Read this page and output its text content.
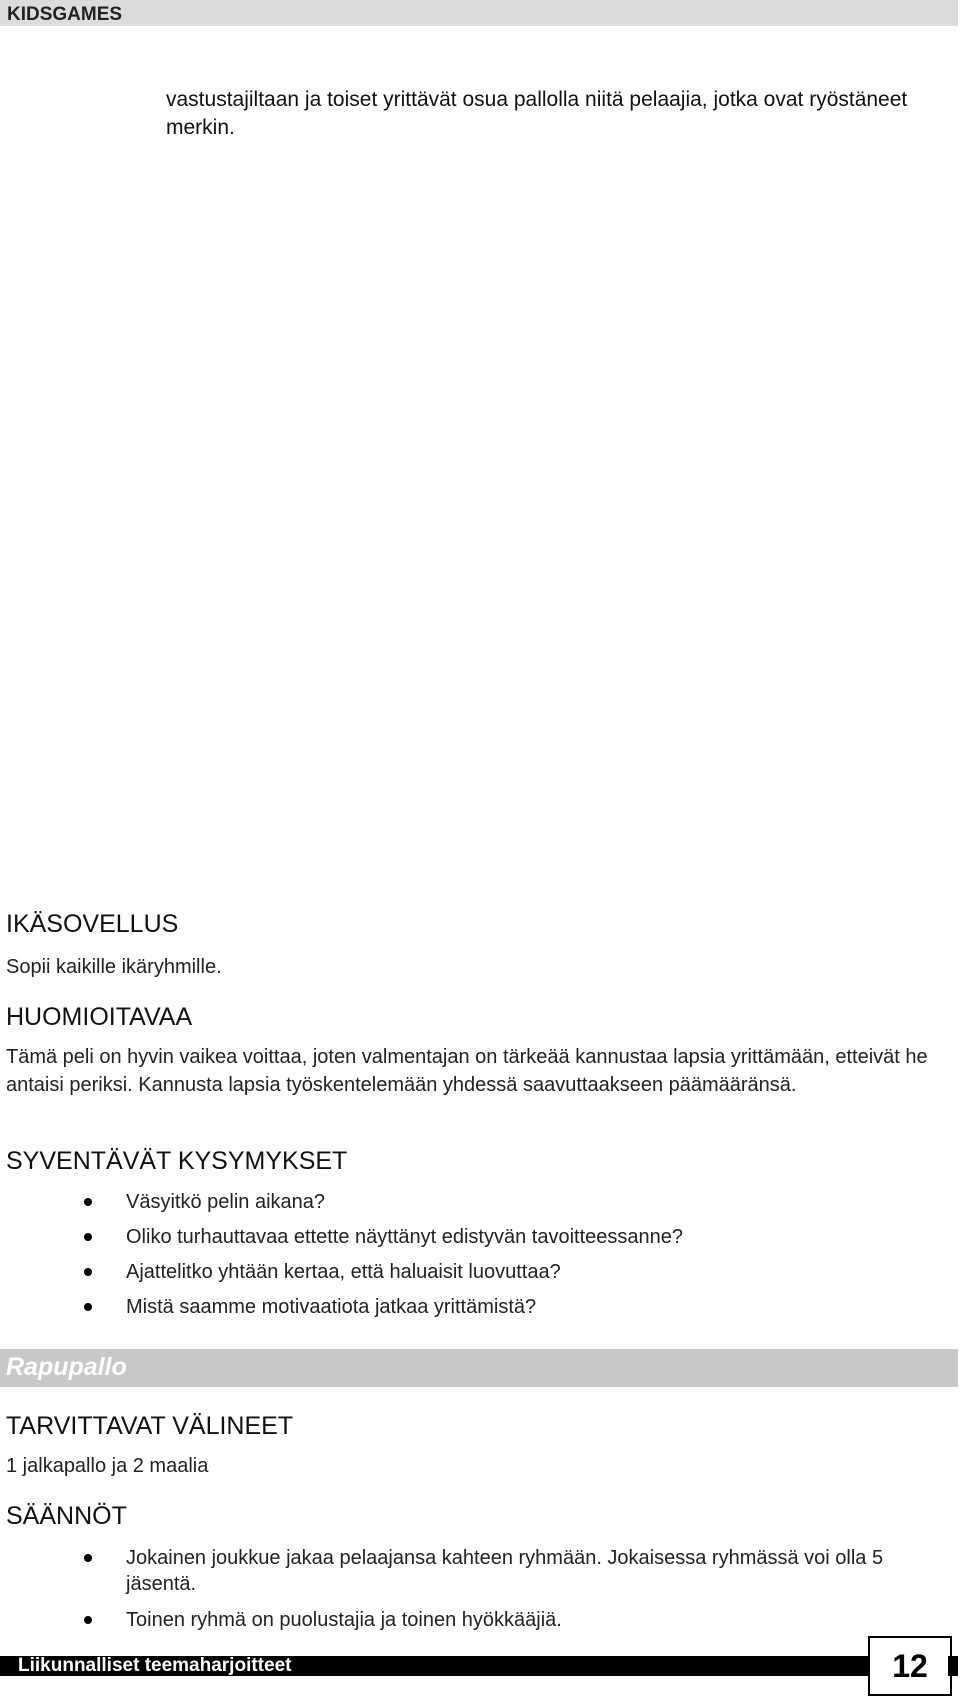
KIDSGAMES
vastustajiltaan ja toiset yrittävät osua pallolla niitä pelaajia, jotka ovat ryöstäneet merkin.
IKÄSOVELLUS
Sopii kaikille ikäryhmille.
HUOMIOITAVAA
Tämä peli on hyvin vaikea voittaa, joten valmentajan on tärkeää kannustaa lapsia yrittämään, etteivät he antaisi periksi. Kannusta lapsia työskentelemään yhdessä saavuttaakseen päämääränsä.
SYVENTÄVÄT KYSYMYKSET
Väsyitkö pelin aikana?
Oliko turhauttavaa ettette näyttänyt edistyvän tavoitteessanne?
Ajattelitko yhtään kertaa, että haluaisit luovuttaa?
Mistä saamme motivaatiota jatkaa yrittämistä?
Rapupallo
TARVITTAVAT VÄLINEET
1 jalkapallo ja 2 maalia
SÄÄNNÖT
Jokainen joukkue jakaa pelaajansa kahteen ryhmään. Jokaisessa ryhmässä voi olla 5 jäsentä.
Toinen ryhmä on puolustajia ja toinen hyökkääjiä.
Liikunnalliset teemaharjoitteet	12
